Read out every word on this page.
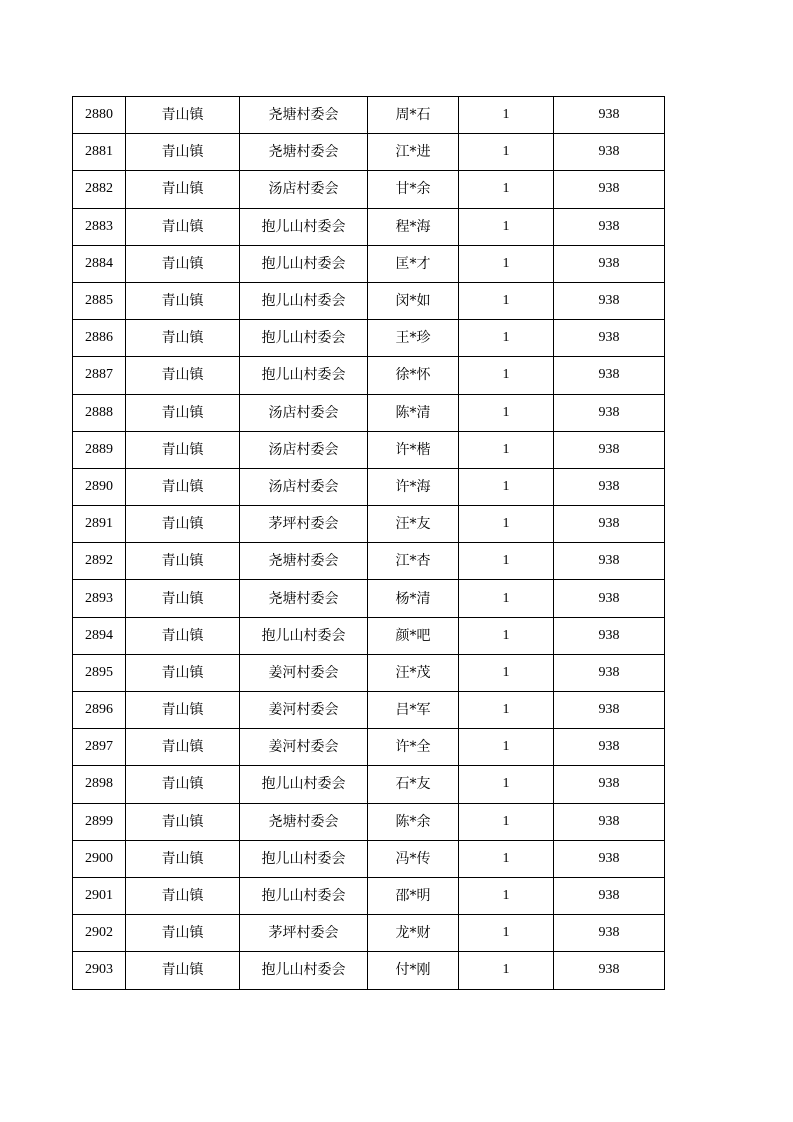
2880	青山镇	尧塘村委会	周*石	1	938
2881	青山镇	尧塘村委会	江*进	1	938
2882	青山镇	汤店村委会	甘*余	1	938
2883	青山镇	抱儿山村委会	程*海	1	938
2884	青山镇	抱儿山村委会	匡*才	1	938
2885	青山镇	抱儿山村委会	闵*如	1	938
2886	青山镇	抱儿山村委会	王*珍	1	938
2887	青山镇	抱儿山村委会	徐*怀	1	938
2888	青山镇	汤店村委会	陈*清	1	938
2889	青山镇	汤店村委会	许*楷	1	938
2890	青山镇	汤店村委会	许*海	1	938
2891	青山镇	茅坪村委会	汪*友	1	938
2892	青山镇	尧塘村委会	江*杏	1	938
2893	青山镇	尧塘村委会	杨*清	1	938
2894	青山镇	抱儿山村委会	颜*吧	1	938
2895	青山镇	姜河村委会	汪*茂	1	938
2896	青山镇	姜河村委会	吕*军	1	938
2897	青山镇	姜河村委会	许*全	1	938
2898	青山镇	抱儿山村委会	石*友	1	938
2899	青山镇	尧塘村委会	陈*余	1	938
2900	青山镇	抱儿山村委会	冯*传	1	938
2901	青山镇	抱儿山村委会	邵*明	1	938
2902	青山镇	茅坪村委会	龙*财	1	938
2903	青山镇	抱儿山村委会	付*刚	1	938
